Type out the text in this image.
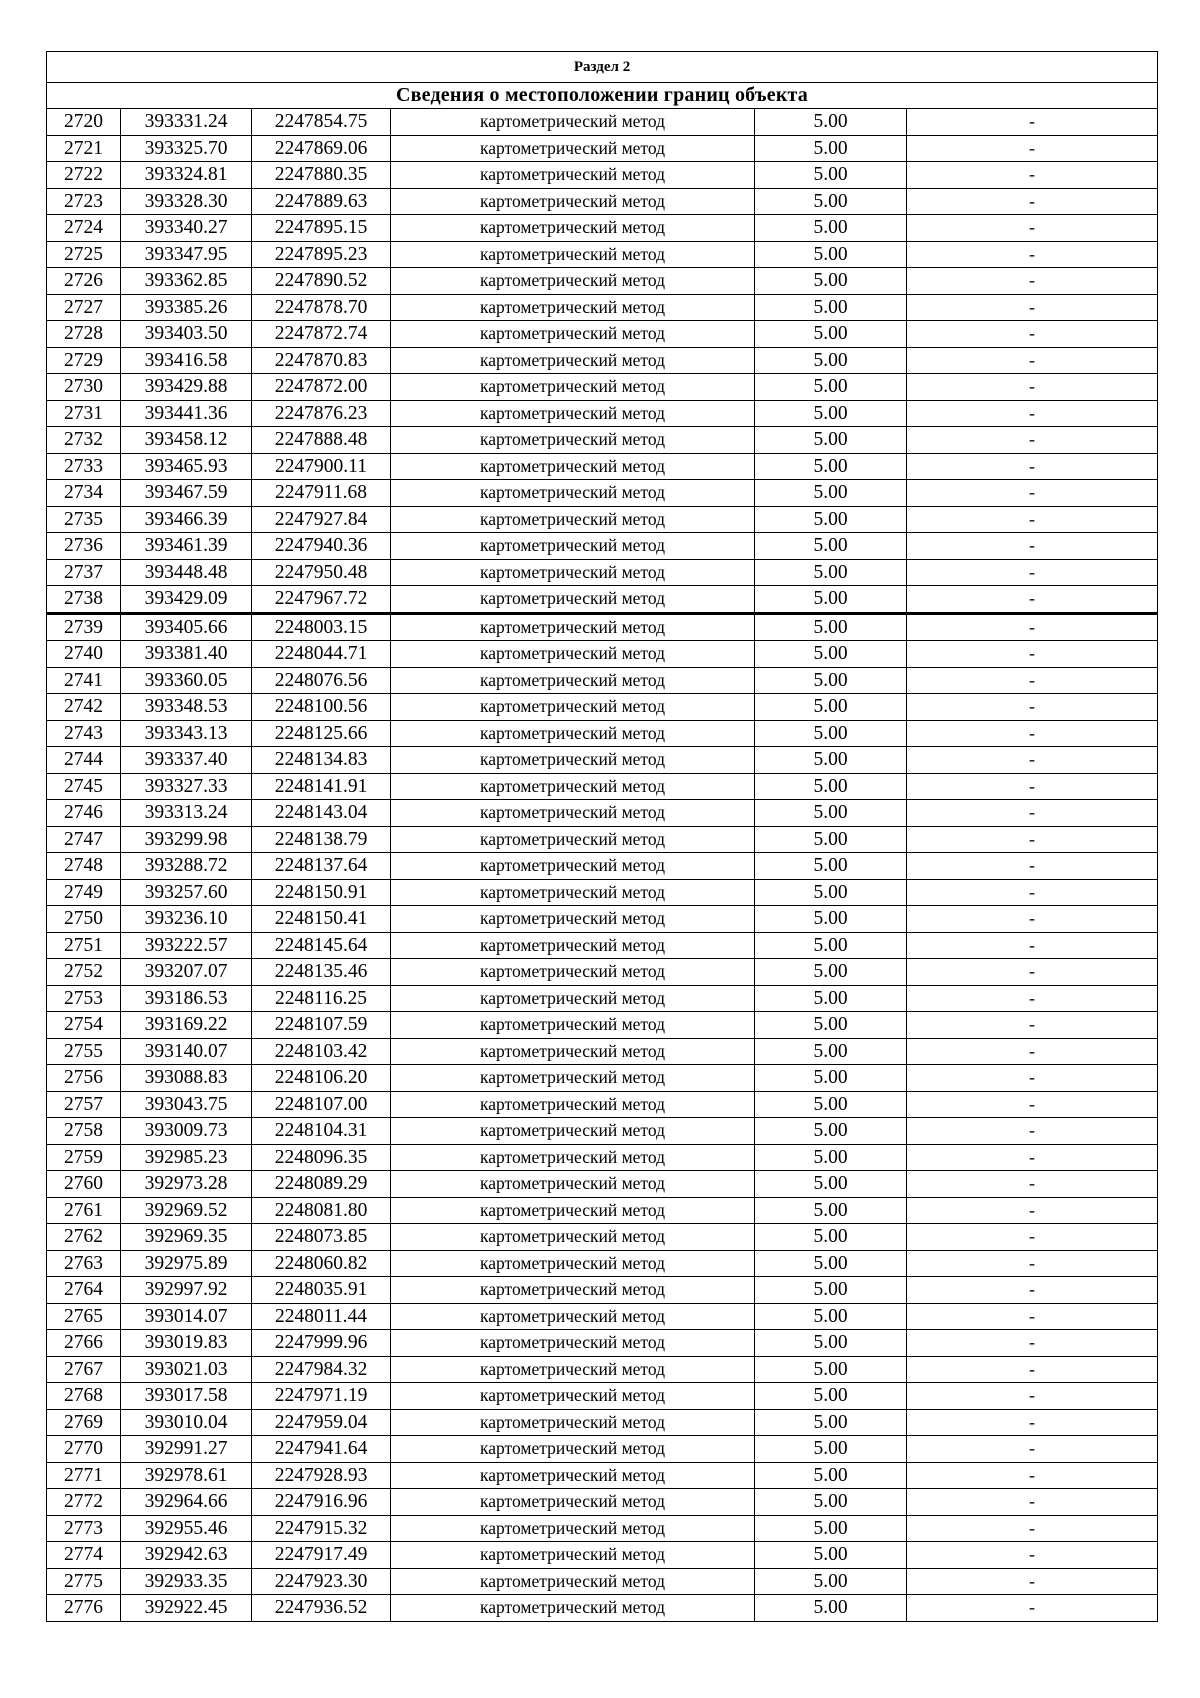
Раздел 2					
Сведения о местоположении границ объекта					
2720	393331.24	2247854.75	картометрический метод	5.00	-
2721	393325.70	2247869.06	картометрический метод	5.00	-
2722	393324.81	2247880.35	картометрический метод	5.00	-
2723	393328.30	2247889.63	картометрический метод	5.00	-
2724	393340.27	2247895.15	картометрический метод	5.00	-
2725	393347.95	2247895.23	картометрический метод	5.00	-
2726	393362.85	2247890.52	картометрический метод	5.00	-
2727	393385.26	2247878.70	картометрический метод	5.00	-
2728	393403.50	2247872.74	картометрический метод	5.00	-
2729	393416.58	2247870.83	картометрический метод	5.00	-
2730	393429.88	2247872.00	картометрический метод	5.00	-
2731	393441.36	2247876.23	картометрический метод	5.00	-
2732	393458.12	2247888.48	картометрический метод	5.00	-
2733	393465.93	2247900.11	картометрический метод	5.00	-
2734	393467.59	2247911.68	картометрический метод	5.00	-
2735	393466.39	2247927.84	картометрический метод	5.00	-
2736	393461.39	2247940.36	картометрический метод	5.00	-
2737	393448.48	2247950.48	картометрический метод	5.00	-
2738	393429.09	2247967.72	картометрический метод	5.00	-
2739	393405.66	2248003.15	картометрический метод	5.00	-
2740	393381.40	2248044.71	картометрический метод	5.00	-
2741	393360.05	2248076.56	картометрический метод	5.00	-
2742	393348.53	2248100.56	картометрический метод	5.00	-
2743	393343.13	2248125.66	картометрический метод	5.00	-
2744	393337.40	2248134.83	картометрический метод	5.00	-
2745	393327.33	2248141.91	картометрический метод	5.00	-
2746	393313.24	2248143.04	картометрический метод	5.00	-
2747	393299.98	2248138.79	картометрический метод	5.00	-
2748	393288.72	2248137.64	картометрический метод	5.00	-
2749	393257.60	2248150.91	картометрический метод	5.00	-
2750	393236.10	2248150.41	картометрический метод	5.00	-
2751	393222.57	2248145.64	картометрический метод	5.00	-
2752	393207.07	2248135.46	картометрический метод	5.00	-
2753	393186.53	2248116.25	картометрический метод	5.00	-
2754	393169.22	2248107.59	картометрический метод	5.00	-
2755	393140.07	2248103.42	картометрический метод	5.00	-
2756	393088.83	2248106.20	картометрический метод	5.00	-
2757	393043.75	2248107.00	картометрический метод	5.00	-
2758	393009.73	2248104.31	картометрический метод	5.00	-
2759	392985.23	2248096.35	картометрический метод	5.00	-
2760	392973.28	2248089.29	картометрический метод	5.00	-
2761	392969.52	2248081.80	картометрический метод	5.00	-
2762	392969.35	2248073.85	картометрический метод	5.00	-
2763	392975.89	2248060.82	картометрический метод	5.00	-
2764	392997.92	2248035.91	картометрический метод	5.00	-
2765	393014.07	2248011.44	картометрический метод	5.00	-
2766	393019.83	2247999.96	картометрический метод	5.00	-
2767	393021.03	2247984.32	картометрический метод	5.00	-
2768	393017.58	2247971.19	картометрический метод	5.00	-
2769	393010.04	2247959.04	картометрический метод	5.00	-
2770	392991.27	2247941.64	картометрический метод	5.00	-
2771	392978.61	2247928.93	картометрический метод	5.00	-
2772	392964.66	2247916.96	картометрический метод	5.00	-
2773	392955.46	2247915.32	картометрический метод	5.00	-
2774	392942.63	2247917.49	картометрический метод	5.00	-
2775	392933.35	2247923.30	картометрический метод	5.00	-
2776	392922.45	2247936.52	картометрический метод	5.00	-
